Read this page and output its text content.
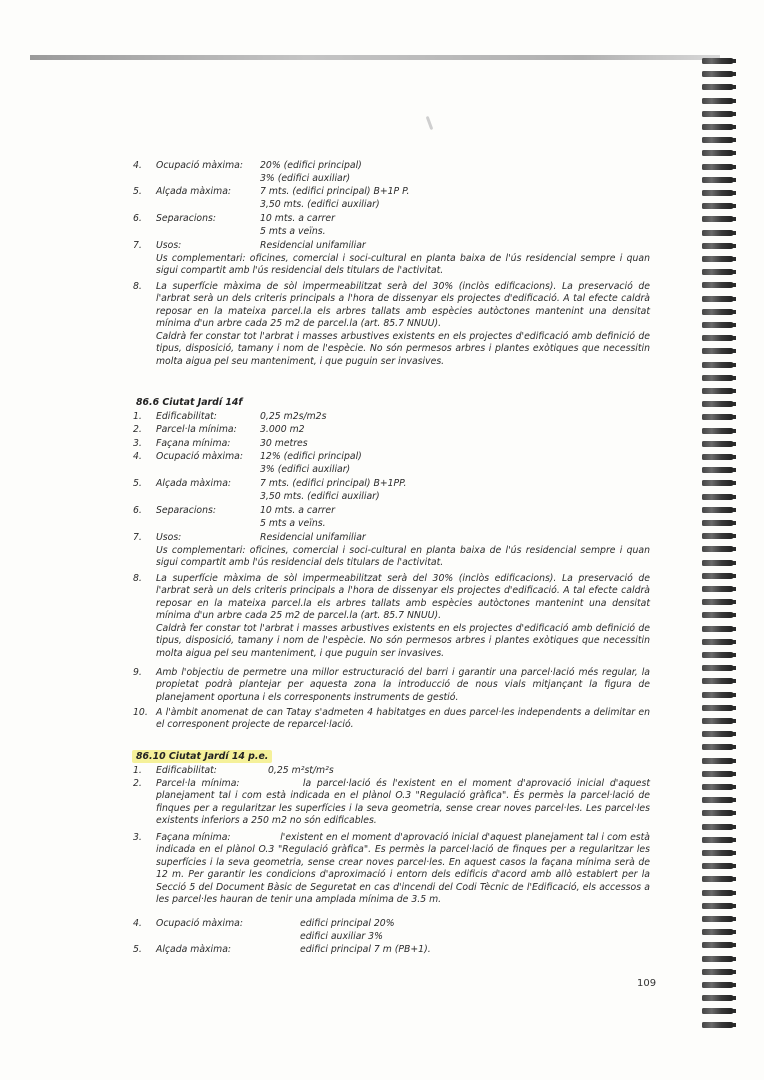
4. Ocupació màxima: 20% (edifici principal)
3% (edifici auxiliar)
5. Alçada màxima:	7 mts. (edifici principal) B+1P P.
3,50 mts. (edifici auxiliar)
6. Separacions:	10 mts. a carrer
5 mts a veïns.
7. Usos:	Residencial unifamiliar
Us complementari: oficines, comercial i soci-cultural en planta baixa de l'ús residencial sempre i quan sigui compartit amb l'ús residencial dels titulars de l'activitat.
8. La superfície màxima de sòl impermeabilitzat serà del 30% (inclòs edificacions). La preservació de l'arbrat serà un dels criteris principals a l'hora de dissenyar els projectes d'edificació. A tal efecte caldrà reposar en la mateixa parcel.la els arbres tallats amb espècies autòctones mantenint una densitat mínima d'un arbre cada 25 m2 de parcel.la (art. 85.7 NNUU).
Caldrà fer constar tot l'arbrat i masses arbustives existents en els projectes d'edificació amb definició de tipus, disposició, tamany i nom de l'espècie. No són permesos arbres i plantes exòtiques que necessitin molta aigua pel seu manteniment, i que puguin ser invasives.
86.6 Ciutat Jardí 14f
1. Edificabilitat:	0,25 m2s/m2s
2. Parcel·la mínima:	3.000 m2
3. Façana mínima:	30 metres
4. Ocupació màxima: 12% (edifici principal)
3% (edifici auxiliar)
5. Alçada màxima:	7 mts. (edifici principal) B+1PP.
3,50 mts. (edifici auxiliar)
6. Separacions:	10 mts. a carrer
5 mts a veïns.
7. Usos:	Residencial unifamiliar
Us complementari: oficines, comercial i soci-cultural en planta baixa de l'ús residencial sempre i quan sigui compartit amb l'ús residencial dels titulars de l'activitat.
8. La superfície màxima de sòl impermeabilitzat serà del 30% (inclòs edificacions). La preservació de l'arbrat serà un dels criteris principals a l'hora de dissenyar els projectes d'edificació. A tal efecte caldrà reposar en la mateixa parcel.la els arbres tallats amb espècies autòctones mantenint una densitat mínima d'un arbre cada 25 m2 de parcel.la (art. 85.7 NNUU).
Caldrà fer constar tot l'arbrat i masses arbustives existents en els projectes d'edificació amb definició de tipus, disposició, tamany i nom de l'espècie. No són permesos arbres i plantes exòtiques que necessitin molta aigua pel seu manteniment, i que puguin ser invasives.
9. Amb l'objectiu de permetre una millor estructuració del barri i garantir una parcel·lació més regular, la propietat podrà plantejar per aquesta zona la introducció de nous vials mitjançant la figura de planejament oportuna i els corresponents instruments de gestió.
10. A l'àmbit anomenat de can Tatay s'admeten 4 habitatges en dues parcel·les independents a delimitar en el corresponent projecte de reparcel·lació.
86.10 Ciutat Jardí 14 p.e.
1. Edificabilitat:	0,25 m²st/m²s
2. Parcel·la mínima:	la parcel·lació és l'existent en el moment d'aprovació inicial d'aquest planejament tal i com està indicada en el plànol O.3 "Regulació gràfica". És permès la parcel·lació de finques per a regularitzar les superfícies i la seva geometria, sense crear noves parcel·les. Les parcel·les existents inferiors a 250 m2 no són edificables.
3. Façana mínima:	l'existent en el moment d'aprovació inicial d'aquest planejament tal i com està indicada en el plànol O.3 "Regulació gràfica". Es permès la parcel·lació de finques per a regularitzar les superfícies i la seva geometria, sense crear noves parcel·les. En aquest casos la façana mínima serà de 12 m. Per garantir les condicions d'aproximació i entorn dels edificis d'acord amb allò establert per la Secció 5 del Document Bàsic de Seguretat en cas d'incendi del Codi Tècnic de l'Edificació, els accessos a les parcel·les hauran de tenir una amplada mínima de 3.5 m.
4. Ocupació màxima:	edifici principal 20%
edifici auxiliar 3%
5. Alçada màxima:	edifici principal 7 m (PB+1).
109
